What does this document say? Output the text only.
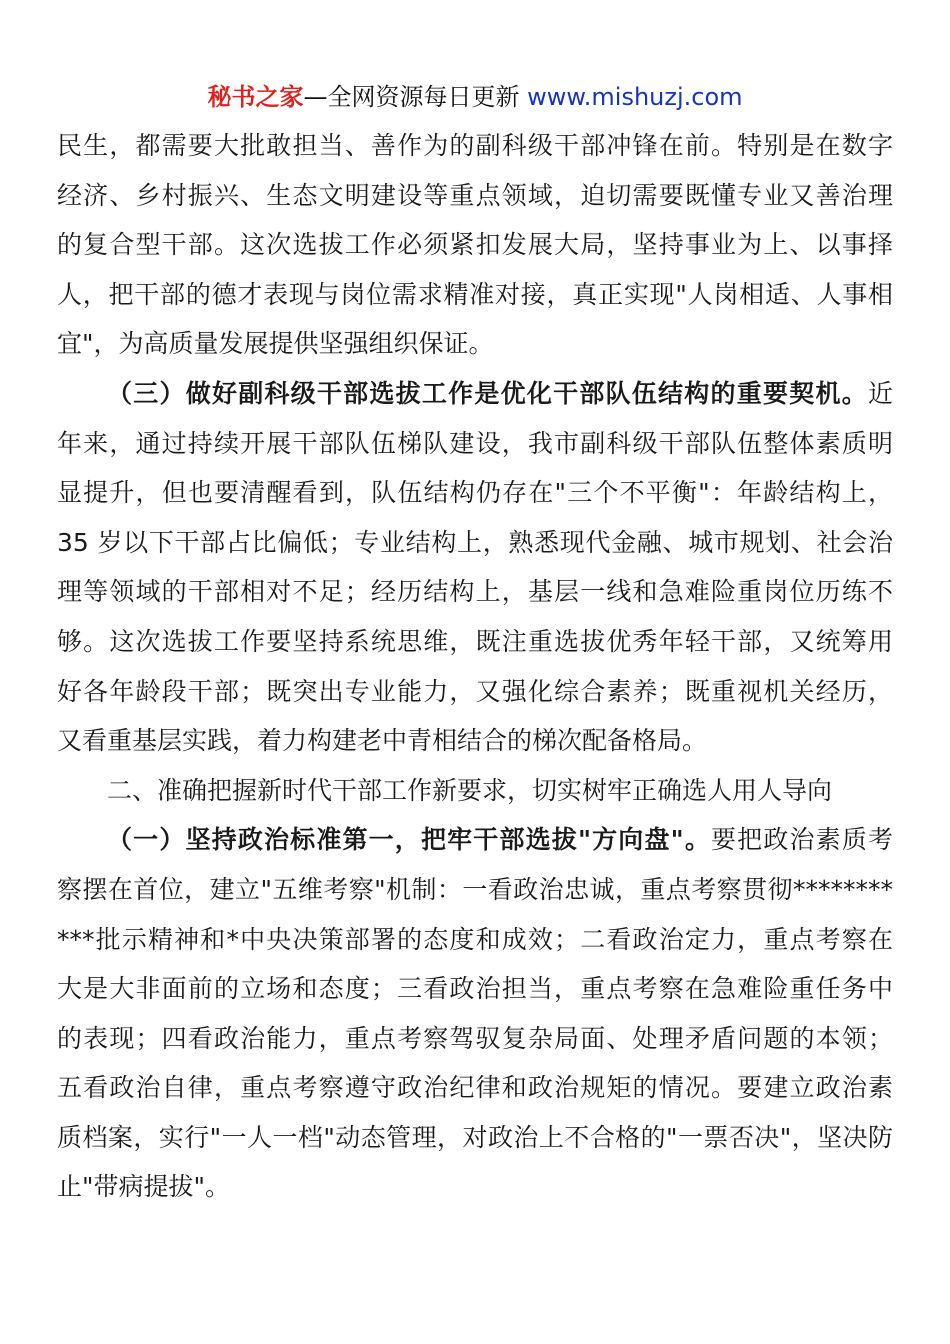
秘书之家—全网资源每日更新 www.mishuzj.com

民生，都需要大批敢担当、善作为的副科级干部冲锋在前。特别是在数字
经济、乡村振兴、生态文明建设等重点领域，迫切需要既懂专业又善治理
的复合型干部。这次选拔工作必须紧扣发展大局，坚持事业为上、以事择
人，把干部的德才表现与岗位需求精准对接，真正实现"人岗相适、人事相
宜"，为高质量发展提供坚强组织保证。

（三）做好副科级干部选拔工作是优化干部队伍结构的重要契机。近
年来，通过持续开展干部队伍梯队建设，我市副科级干部队伍整体素质明
显提升，但也要清醒看到，队伍结构仍存在"三个不平衡"：年龄结构上，
35 岁以下干部占比偏低；专业结构上，熟悉现代金融、城市规划、社会治
理等领域的干部相对不足；经历结构上，基层一线和急难险重岗位历练不
够。这次选拔工作要坚持系统思维，既注重选拔优秀年轻干部，又统筹用
好各年龄段干部；既突出专业能力，又强化综合素养；既重视机关经历，
又看重基层实践，着力构建老中青相结合的梯次配备格局。

二、准确把握新时代干部工作新要求，切实树牢正确选人用人导向

（一）坚持政治标准第一，把牢干部选拔"方向盘"。要把政治素质考
察摆在首位，建立"五维考察"机制：一看政治忠诚，重点考察贯彻********
***批示精神和*中央决策部署的态度和成效；二看政治定力，重点考察在
大是大非面前的立场和态度；三看政治担当，重点考察在急难险重任务中
的表现；四看政治能力，重点考察驾驭复杂局面、处理矛盾问题的本领；
五看政治自律，重点考察遵守政治纪律和政治规矩的情况。要建立政治素
质档案，实行"一人一档"动态管理，对政治上不合格的"一票否决"，坚决防
止"带病提拔"。
